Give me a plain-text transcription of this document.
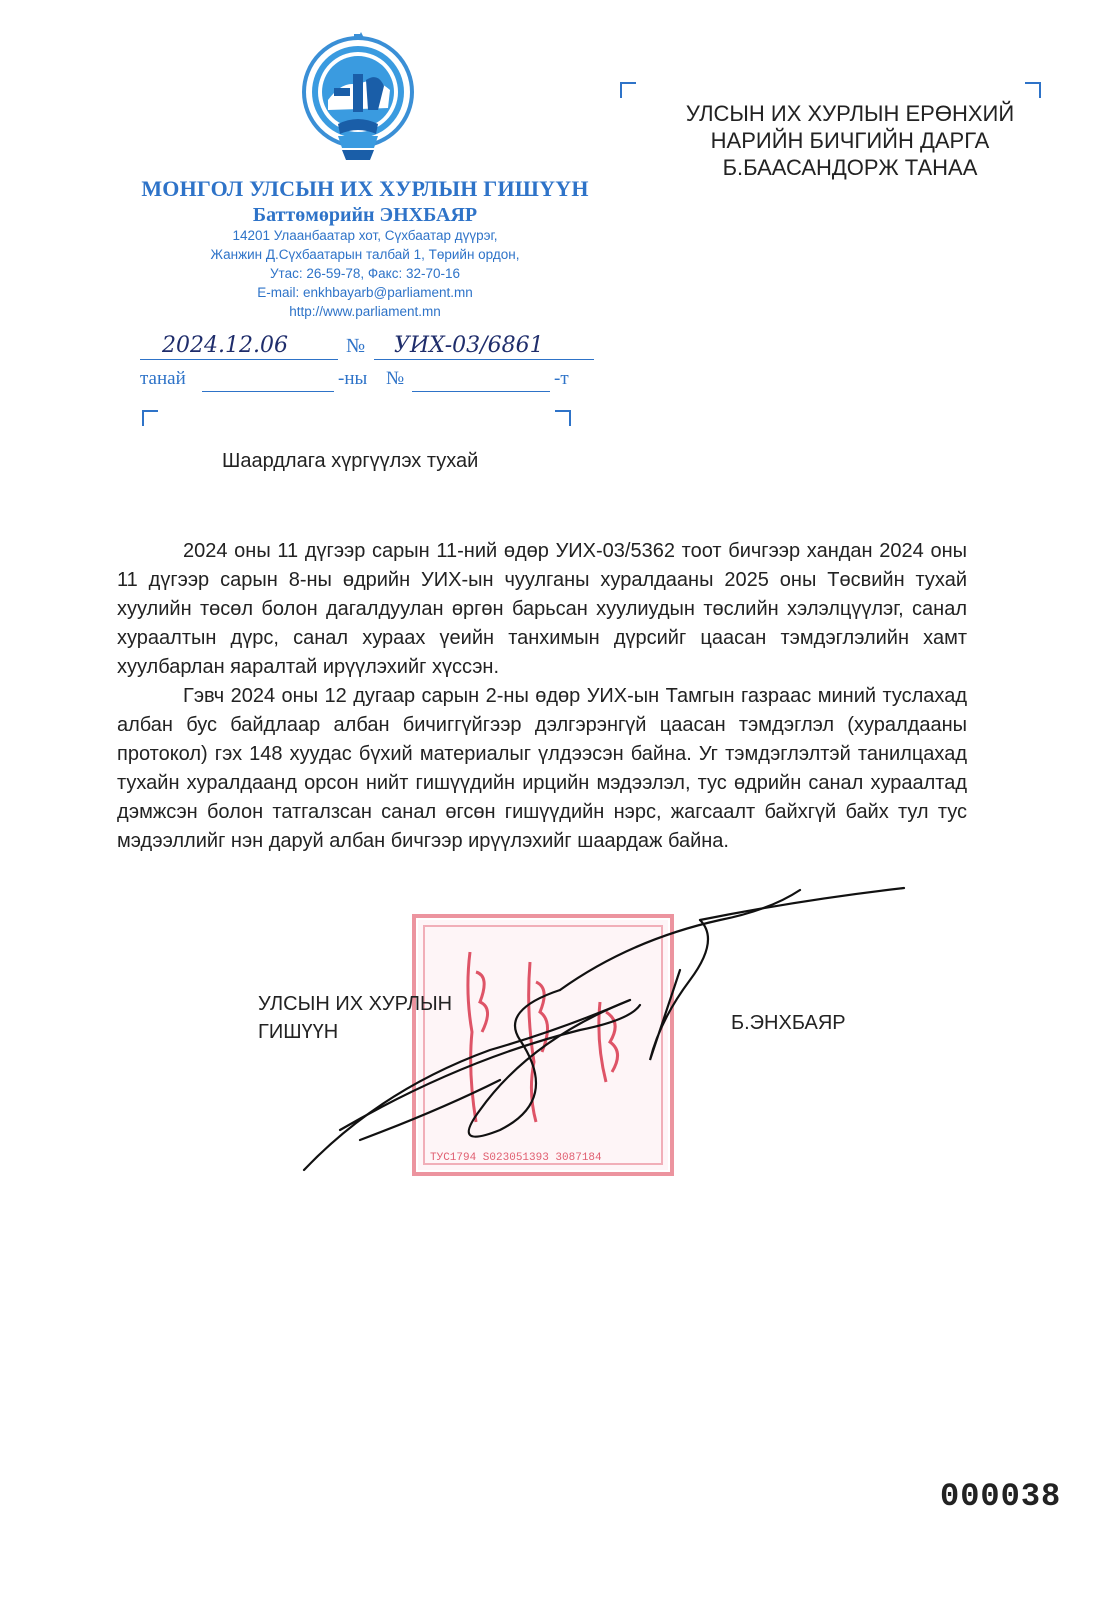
МОНГОЛ УЛСЫН ИХ ХУРЛЫН ГИШҮҮН
Баттөмөрийн ЭНХБАЯР
14201 Улаанбаатар хот, Сүхбаатар дүүрэг,
Жанжин Д.Сүхбаатарын талбай 1, Төрийн ордон,
Утас: 26-59-78, Факс: 32-70-16
E-mail: enkhbayarb@parliament.mn
http://www.parliament.mn
2024.12.06	№ УИХ-03/6861
танай	-ны №	-т
УЛСЫН ИХ ХУРЛЫН ЕРӨНХИЙ
НАРИЙН БИЧГИЙН ДАРГА
Б.БААСАНДОРЖ ТАНАА
Шаардлага хүргүүлэх тухай

2024 оны 11 дүгээр сарын 11-ний өдөр УИХ-03/5362 тоот бичгээр хандан 2024 оны 11 дүгээр сарын 8-ны өдрийн УИХ-ын чуулганы хуралдааны 2025 оны Төсвийн тухай хуулийн төсөл болон дагалдуулан өргөн барьсан хуулиудын төслийн хэлэлцүүлэг, санал хураалтын дүрс, санал хураах үеийн танхимын дүрсийг цаасан тэмдэглэлийн хамт хуулбарлан яаралтай ирүүлэхийг хүссэн.

Гэвч 2024 оны 12 дугаар сарын 2-ны өдөр УИХ-ын Тамгын газраас миний туслахад албан бус байдлаар албан бичиггүйгээр дэлгэрэнгүй цаасан тэмдэглэл (хуралдааны протокол) гэх 148 хуудас бүхий материалыг үлдээсэн байна. Уг тэмдэглэлтэй танилцахад тухайн хуралдаанд орсон нийт гишүүдийн ирцийн мэдээлэл, тус өдрийн санал хураалтад дэмжсэн болон татгалзсан санал өгсөн гишүүдийн нэрс, жагсаалт байхгүй байх тул тус мэдээллийг нэн даруй албан бичгээр ирүүлэхийг шаардаж байна.

ТУС1794 S023051393 3087184
УЛСЫН ИХ ХУРЛЫН
ГИШҮҮН	Б.ЭНХБАЯР
000038
